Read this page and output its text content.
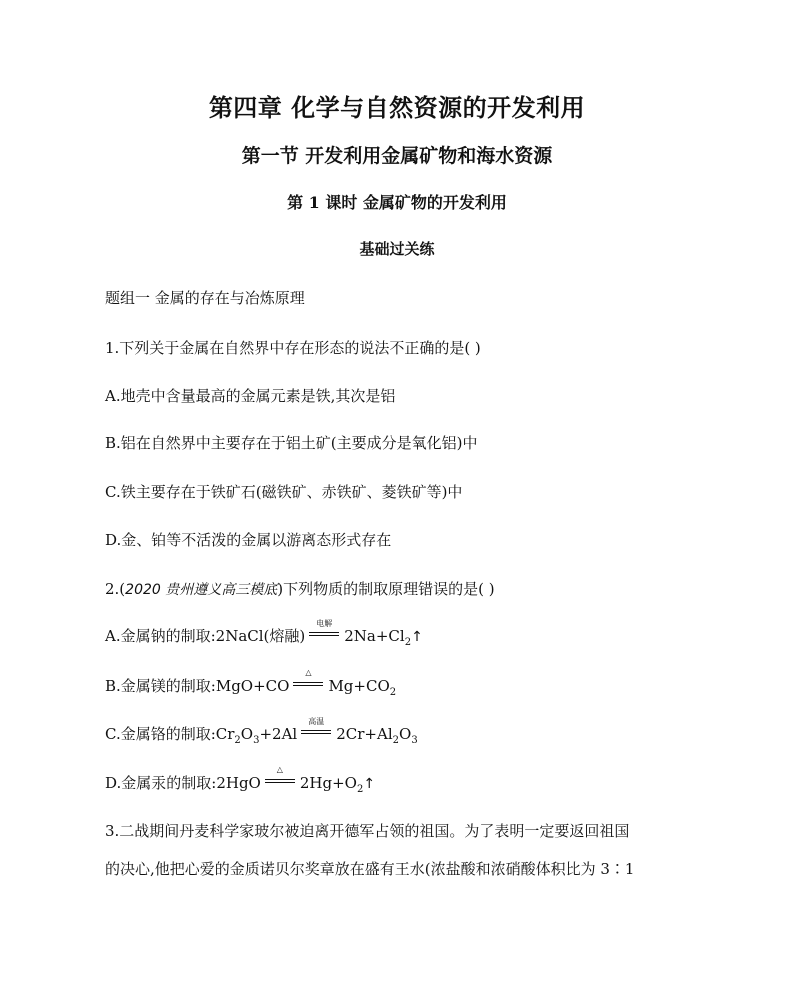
第四章 化学与自然资源的开发利用
第一节 开发利用金属矿物和海水资源
第 1 课时 金属矿物的开发利用
基础过关练
题组一 金属的存在与冶炼原理
1.下列关于金属在自然界中存在形态的说法不正确的是( )
A.地壳中含量最高的金属元素是铁,其次是铝
B.铝在自然界中主要存在于铝土矿(主要成分是氧化铝)中
C.铁主要存在于铁矿石(磁铁矿、赤铁矿、菱铁矿等)中
D.金、铂等不活泼的金属以游离态形式存在
2.(2020 贵州遵义高三模底)下列物质的制取原理错误的是( )
A.金属钠的制取:2NaCl(熔融)
电解
$2Na+Cl_2↑$
B.金属镁的制取:MgO+CO
△
$Mg+CO_2$
C.金属铬的制取$:Cr_2O_3+2Al$
高温
$2Cr+Al_2O_3$
D.金属汞的制取:2HgO
△
$2Hg+O_2↑$
3.二战期间丹麦科学家玻尔被迫离开德军占领的祖国。为了表明一定要返回祖国
的决心,他把心爱的金质诺贝尔奖章放在盛有王水(浓盐酸和浓硝酸体积比为 3∶1
